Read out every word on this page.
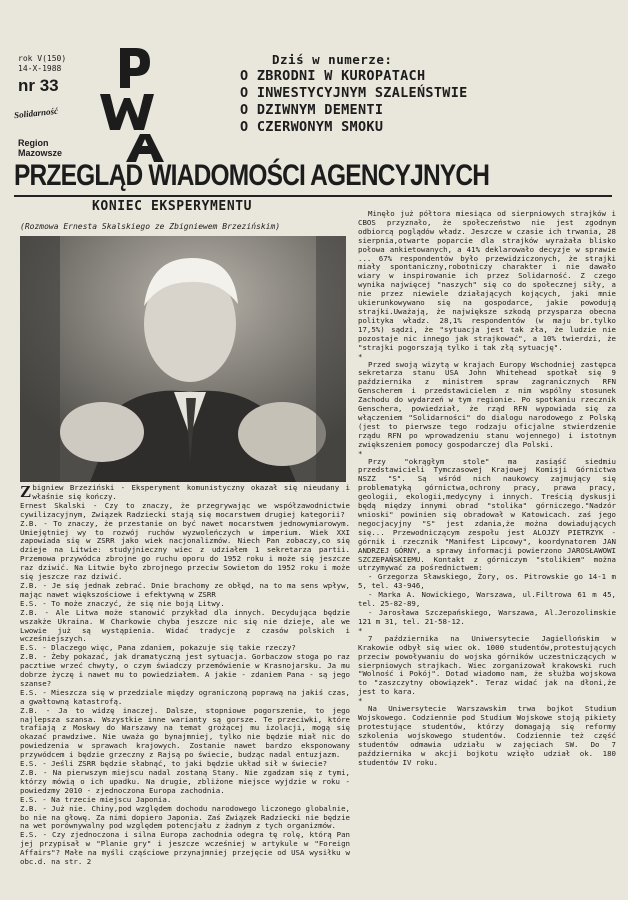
rok V(150)
14-X-1988
nr 33
Solidarność
Region
Mazowsze
Dziś w numerze:
O ZBRODNI W KUROPATACH
O INWESTYCYJNYM SZALEŃSTWIE
O DZIWNYM DEMENTI
O CZERWONYM SMOKU
PRZEGLĄD WIADOMOŚCI AGENCYJNYCH
KONIEC EKSPERYMENTU
(Rozmowa Ernesta Skalskiego ze Zbigniewem Brzezińskim)

Zbigniew Brzeziński - Eksperyment komunistyczny okazał się nieudany i właśnie się kończy.

Ernest Skalski - Czy to znaczy, że przegrywając we współzawodnictwie cywilizacyjnym, Związek Radziecki stają się mocarstwem drugiej kategorii?

Z.B. - To znaczy, że przestanie on być nawet mocarstwem jednowymiarowym. Umiejętniej wy to rozwój ruchów wyzwoleńczych w imperium. Wiek XXI zapowiada się w ZSRR jako wiek nacjonalizmów. Niech Pan zobaczy,co się dzieje na Litwie: studyjnieczny wiec z udziałem 1 sekretarza partii. Przemowa przywódca zbrojne go ruchu oporu do 1952 roku i może się jeszcze raz dziwić. Na Litwie było zbrojnego przeciw Sowietom do 1952 roku i może się jeszcze raz dziwić.

Z.B. - Je się jednak zebrać. Dnie brachomy ze obłęd, na to ma sens wpływ, mając nawet większościowe i efektywną w ZSRR

E.S. - To może znaczyć, że się nie boją Litwy.

Z.B. - Ale Litwa może stanowić przykład dla innych. Decydująca będzie wszakże Ukraina. W Charkowie chyba jeszcze nic się nie dzieje, ale we Lwowie już są wystąpienia. Widać tradycje z czasów polskich i wcześniejszych.

E.S. - Dlaczego więc, Pana zdaniem, pokazuje się takie rzeczy?

Z.B. - Żeby pokazać, jak dramatyczną jest sytuacja. Gorbaczow stoga po raz pacztiwe wrzeć chwyty, o czym świadczy przemówienie w Krasnojarsku. Ja mu dobrze życzę i nawet mu to powiedziałem. A jakie - zdaniem Pana - są jego szanse?

E.S. - Mieszcza się w przedziale między ograniczoną poprawą na jakiś czas, a gwałtowną katastrofą.

Z.B. - Ja to widzę inaczej. Dalsze, stopniowe pogorszenie, to jego najlepsza szansa. Wszystkie inne warianty są gorsze. Te przeciwki, które trafiają z Moskwy do Warszawy na temat grożącej mu izolacji, mogą się okazać prawdziwe. Nie uważa go bynajmniej, tylko nie będzie miał nic do powiedzenia w sprawach krajowych. Zostanie nawet bardzo eksponowany przywódcem i będzie grzeczny z Rajsą po świecie, budząc nadal entuzjazm.

E.S. - Jeśli ZSRR będzie słabnąć, to jaki będzie układ sił w świecie?

Z.B. - Na pierwszym miejscu nadal zostaną Stany. Nie zgadzam się z tymi, którzy mówią o ich upadku. Na drugie, zbliżone miejsce wyjdzie w roku - powiedzmy 2010 - zjednoczona Europa zachodnia.

E.S. - Na trzecie miejscu Japonia.

Z.B. - Już nie. Chiny,pod względem dochodu narodowego liczonego globalnie, bo nie na głowę. Za nimi dopiero Japonia. Zaś Związek Radziecki nie będzie na wet porównywalny pod względem potencjału z żadnym z tych organizmów.

E.S. - Czy zjednoczona i silna Europa zachodnia odegra tę rolę, którą Pan jej przypisał w "Planie gry" i jeszcze wcześniej w artykule w "Foreign Affairs"? Małe na myśli cząściowe przynajmniej przejęcie od USA wysiłku w obc.d. na str. 2

Minęło już półtora miesiąca od sierpniowych strajków i CBOS przyznało, że społeczeństwo nie jest zgodnym odbiorcą poglądów władz. Jeszcze w czasie ich trwania, 28 sierpnia,otwarte poparcie dla strajków wyrażała blisko połowa ankietowanych, a 41% deklarowało decyzje w sprawie ... 67% respondentów było przewidziczonych, że strajki miały spontaniczny,robotniczy charakter i nie dawało wiary w inspirowanie ich przez Solidarność. Z czego wynika najwięcej "naszych" się co do społecznej siły, a nie przez niewiele działających kojących, jaki mnie ukierunkowywano się na gospodarce, jakie powodują strajki.Uważają, że największe szkodą przysparza obecna polityka władz. 28,1% respondentów (w maju br.tylko 17,5%) sądzi, że "sytuacja jest tak zła, że ludzie nie pozostaje nic innego jak strajkować", a 10% twierdzi, że "strajki pogorszają tylko i tak złą sytuację".

*

Przed swoją wizytą w krajach Europy Wschodniej zastępca sekretarza stanu USA John Whitehead spotkał się 9 października z ministrem spraw zagranicznych RFN Genscherem i przedstawicielem z nim wspólny stosunek Zachodu do wydarzeń w tym regionie. Po spotkaniu rzecznik Genschera, powiedział, że rząd RFN wypowiada się za włączeniem "Solidarności" do dialogu narodowego z Polską (jest to pierwsze tego rodzaju oficjalne stwierdzenie rządu RFN po wprowadzeniu stanu wojennego) i istotnym zwiększeniem pomocy gospodarczej dla Polski.

*

Przy "okrągłym stole" ma zasiąść siedmiu przedstawicieli Tymczasowej Krajowej Komisji Górnictwa NSZZ "S". Są wśród nich naukowcy zajmujący się problematyką górnictwa,ochrony pracy, prawa pracy, geologii, ekologii,medycyny i innych. Treścią dyskusji będą między innymi obrad "stolika" górniczego."Nadzór wnioski" powinien się obradował w Katowicach. zaś jego negocjacyjny "S" jest zdania,że można dowiadujących się... Przewodniczącym zespołu jest ALOJZY PIETRZYK - górnik i rzecznik "Manifest Lipcowy", koordynatorem JAN ANDRZEJ GÓRNY, a sprawy informacji powierzono JAROSŁAWOWI SZCZEPAŃSKIEMU. Kontakt z górniczym "stolikiem" można utrzymywać za pośrednictwem:

- Grzegorza Sławskiego, Żory, os. Pitrowskie go 14-1 m 5, tel. 43-946,

- Marka A. Nowickiego, Warszawa, ul.Filtrowa 61 m 45, tel. 25-82-89,

- Jarosława Szczepańskiego, Warszawa, Al.Jerozolimskie 121 m 31, tel. 21-58-12.

*

7 października na Uniwersytecie Jagiellońskim w Krakowie odbył się wiec ok. 1000 studentów,protestujących przeciw powoływaniu do wojska górników uczestniczących w sierpniowych strajkach. Wiec zorganizował krakowski ruch "Wolność i Pokój". Dotad wiadomo nam, że służba wojskowa to "zaszczytny obowiązek". Teraz widać jak na dłoni,że jest to kara.

*

Na Uniwersytecie Warszawskim trwa bojkot Studium Wojskowego. Codziennie pod Studium Wojskowe stoją pikiety protestujące studentów, którzy domagają się reformy szkolenia wojskowego studentów. Codziennie też część studentów odmawia udziału w zajęciach SW. Do 7 października w akcji bojkotu wzięło udział ok. 180 studentów IV roku.
